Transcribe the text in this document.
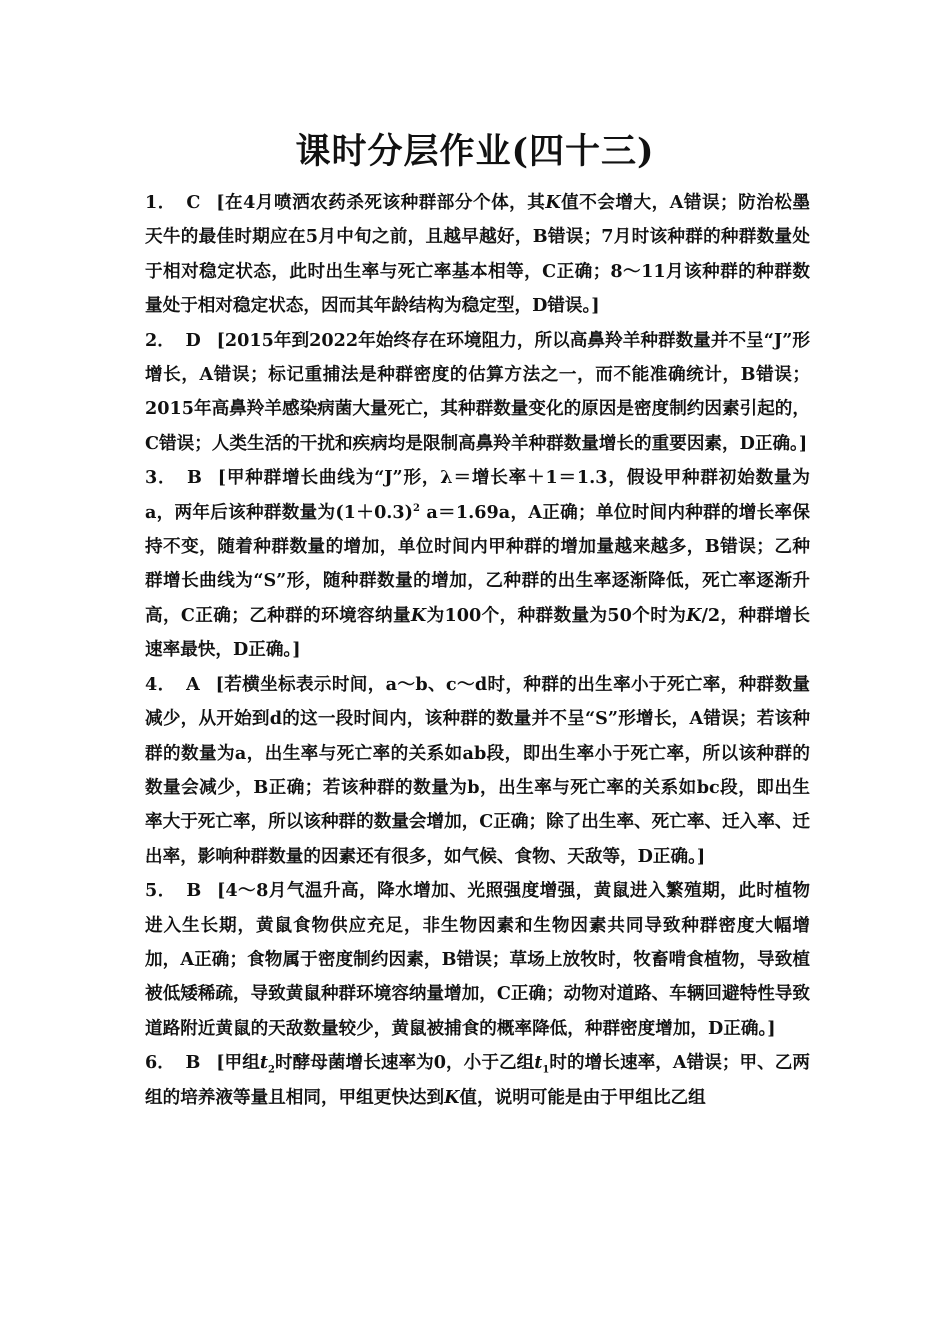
课时分层作业(四十三)

1． C [在4月喷洒农药杀死该种群部分个体，其K值不会增大，A错误；防治松墨天牛的最佳时期应在5月中旬之前，且越早越好，B错误；7月时该种群的种群数量处于相对稳定状态，此时出生率与死亡率基本相等，C正确；8～11月该种群的种群数量处于相对稳定状态，因而其年龄结构为稳定型，D错误。]

2． D [2015年到2022年始终存在环境阻力，所以高鼻羚羊种群数量并不呈“J”形增长，A错误；标记重捕法是种群密度的估算方法之一，而不能准确统计，B错误；2015年高鼻羚羊感染病菌大量死亡，其种群数量变化的原因是密度制约因素引起的，C错误；人类生活的干扰和疾病均是限制高鼻羚羊种群数量增长的重要因素，D正确。]

3． B [甲种群增长曲线为“J”形，λ＝增长率＋1＝1.3，假设甲种群初始数量为 a，两年后该种群数量为$(1+0.3)^2$ a＝1.69a，A正确；单位时间内种群的增长率保持不变，随着种群数量的增加，单位时间内甲种群的增加量越来越多，B错误；乙种群增长曲线为“S”形，随种群数量的增加，乙种群的出生率逐渐降低，死亡率逐渐升高，C正确；乙种群的环境容纳量K为100个，种群数量为50个时为K/2，种群增长速率最快，D正确。]

4． A [若横坐标表示时间，a～b、c～d时，种群的出生率小于死亡率，种群数量减少，从开始到d的这一段时间内，该种群的数量并不呈“S”形增长，A错误；若该种群的数量为a，出生率与死亡率的关系如ab段，即出生率小于死亡率，所以该种群的数量会减少，B正确；若该种群的数量为b，出生率与死亡率的关系如bc段，即出生率大于死亡率，所以该种群的数量会增加，C正确；除了出生率、死亡率、迁入率、迁出率，影响种群数量的因素还有很多，如气候、食物、天敌等，D正确。]

5． B [4～8月气温升高，降水增加、光照强度增强，黄鼠进入繁殖期，此时植物进入生长期，黄鼠食物供应充足，非生物因素和生物因素共同导致种群密度大幅增加，A正确；食物属于密度制约因素，B错误；草场上放牧时，牧畜啃食植物，导致植被低矮稀疏，导致黄鼠种群环境容纳量增加，C正确；动物对道路、车辆回避特性导致道路附近黄鼠的天敌数量较少，黄鼠被捕食的概率降低，种群密度增加，D正确。]

6． B [甲组$t_2$时酵母菌增长速率为0，小于乙组$t_1$时的增长速率，A错误；甲、乙两组的培养液等量且相同，甲组更快达到K值，说明可能是由于甲组比乙组
